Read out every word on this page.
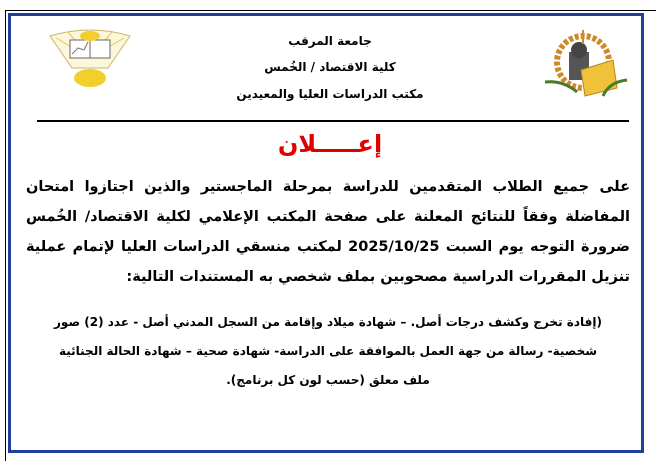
جامعة المرقب
كلية الاقتصاد / الخُمس
مكتب الدراسات العليا والمعيدين
إعـــــلان
على جميع الطلاب المتقدمين للدراسة بمرحلة الماجستير والذين اجتازوا امتحان
المفاضلة وفقاً للنتائج المعلنة على صفحة المكتب الإعلامي لكلية الاقتصاد/ الخُمس
ضرورة التوجه يوم السبت 2025/10/25 لمكتب منسقي الدراسات العليا لإتمام عملية
تنزيل المقررات الدراسية مصحوبين بملف شخصي به المستندات التالية:
(إفادة تخرج وكشف درجات أصل. – شهادة ميلاد وإقامة من السجل المدني أصل - عدد (2) صور
شخصية- رسالة من جهة العمل بالموافقة على الدراسة- شهادة صحية – شهادة الحالة الجنائية
ملف معلق (حسب لون كل برنامج).
